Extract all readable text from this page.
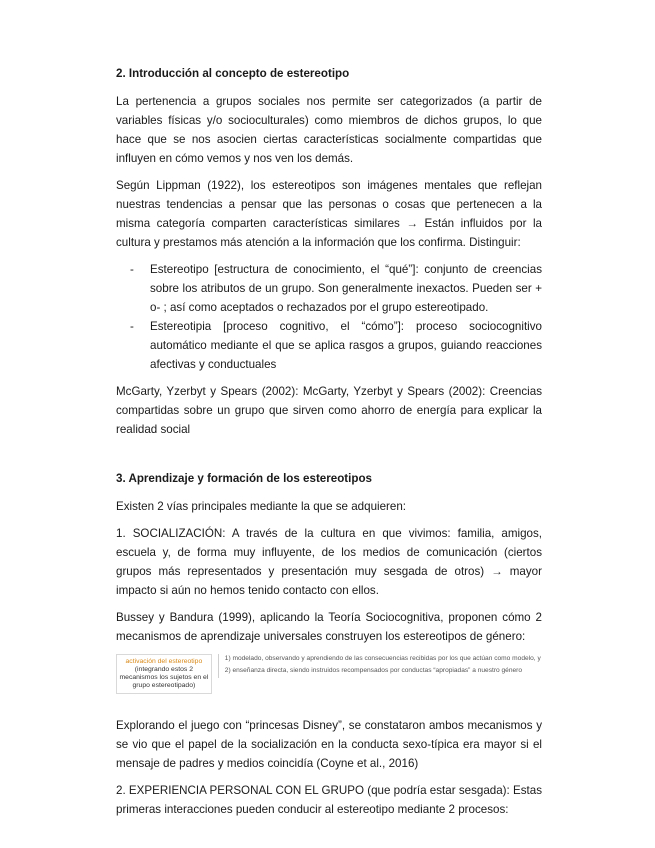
2. Introducción al concepto de estereotipo

La pertenencia a grupos sociales nos permite ser categorizados (a partir de variables físicas y/o socioculturales) como miembros de dichos grupos, lo que hace que se nos asocien ciertas características socialmente compartidas que influyen en cómo vemos y nos ven los demás.

Según Lippman (1922), los estereotipos son imágenes mentales que reflejan nuestras tendencias a pensar que las personas o cosas que pertenecen a la misma categoría comparten características similares → Están influidos por la cultura y prestamos más atención a la información que los confirma. Distinguir:

- Estereotipo [estructura de conocimiento, el “qué”]: conjunto de creencias sobre los atributos de un grupo. Son generalmente inexactos. Pueden ser + o- ; así como aceptados o rechazados por el grupo estereotipado.
- Estereotipia [proceso cognitivo, el “cómo”]: proceso sociocognitivo automático mediante el que se aplica rasgos a grupos, guiando reacciones afectivas y conductuales

McGarty, Yzerbyt y Spears (2002): McGarty, Yzerbyt y Spears (2002): Creencias compartidas sobre un grupo que sirven como ahorro de energía para explicar la realidad social

3. Aprendizaje y formación de los estereotipos

Existen 2 vías principales mediante la que se adquieren:

1. SOCIALIZACIÓN: A través de la cultura en que vivimos: familia, amigos, escuela y, de forma muy influyente, de los medios de comunicación (ciertos grupos más representados y presentación muy sesgada de otros) → mayor impacto si aún no hemos tenido contacto con ellos.

Bussey y Bandura (1999), aplicando la Teoría Sociocognitiva, proponen cómo 2 mecanismos de aprendizaje universales construyen los estereotipos de género:

activación del estereotipo
(integrando estos 2 mecanismos los sujetos en el grupo estereotipado)
1) modelado, observando y aprendiendo de las consecuencias recibidas por los que actúan como modelo, y
2) enseñanza directa, siendo instruidos recompensados por conductas “apropiadas” a nuestro género

Explorando el juego con “princesas Disney”, se constataron ambos mecanismos y se vio que el papel de la socialización en la conducta sexo-típica era mayor si el mensaje de padres y medios coincidía (Coyne et al., 2016)

2. EXPERIENCIA PERSONAL CON EL GRUPO (que podría estar sesgada): Estas primeras interacciones pueden conducir al estereotipo mediante 2 procesos:
